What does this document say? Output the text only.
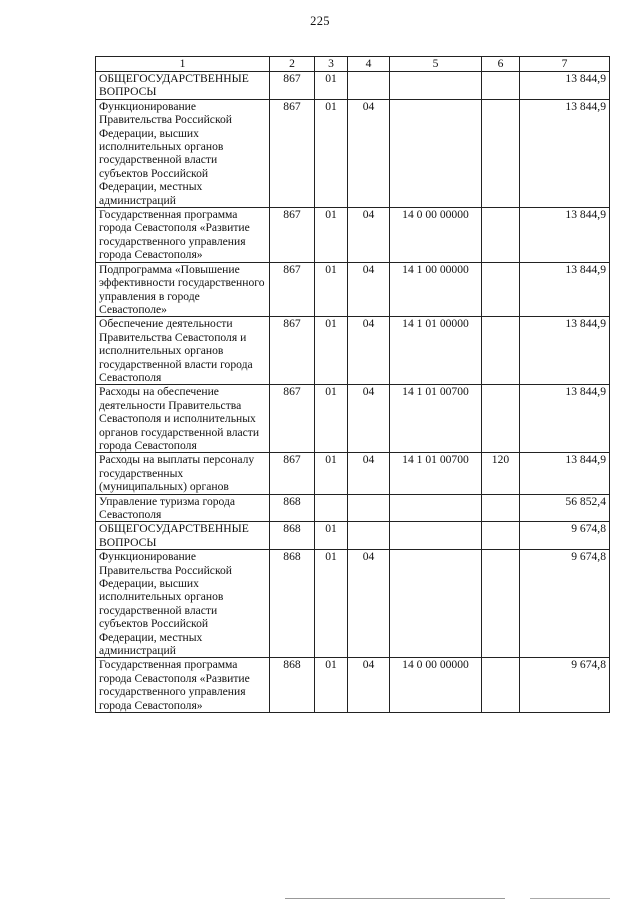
225
1	2	3	4	5	6	7
ОБЩЕГОСУДАРСТВЕННЫЕ ВОПРОСЫ	867	01				13 844,9
Функционирование Правительства Российской Федерации, высших исполнительных органов государственной власти субъектов Российской Федерации, местных администраций	867	01	04			13 844,9
Государственная программа города Севастополя «Развитие государственного управления города Севастополя»	867	01	04	14 0 00 00000		13 844,9
Подпрограмма «Повышение эффективности государственного управления в городе Севастополе»	867	01	04	14 1 00 00000		13 844,9
Обеспечение деятельности Правительства Севастополя и исполнительных органов государственной власти города Севастополя	867	01	04	14 1 01 00000		13 844,9
Расходы на обеспечение деятельности Правительства Севастополя и исполнительных органов государственной власти города Севастополя	867	01	04	14 1 01 00700		13 844,9
Расходы на выплаты персоналу государственных (муниципальных) органов	867	01	04	14 1 01 00700	120	13 844,9
Управление туризма города Севастополя	868					56 852,4
ОБЩЕГОСУДАРСТВЕННЫЕ ВОПРОСЫ	868	01				9 674,8
Функционирование Правительства Российской Федерации, высших исполнительных органов государственной власти субъектов Российской Федерации, местных администраций	868	01	04			9 674,8
Государственная программа города Севастополя «Развитие государственного управления города Севастополя»	868	01	04	14 0 00 00000		9 674,8
